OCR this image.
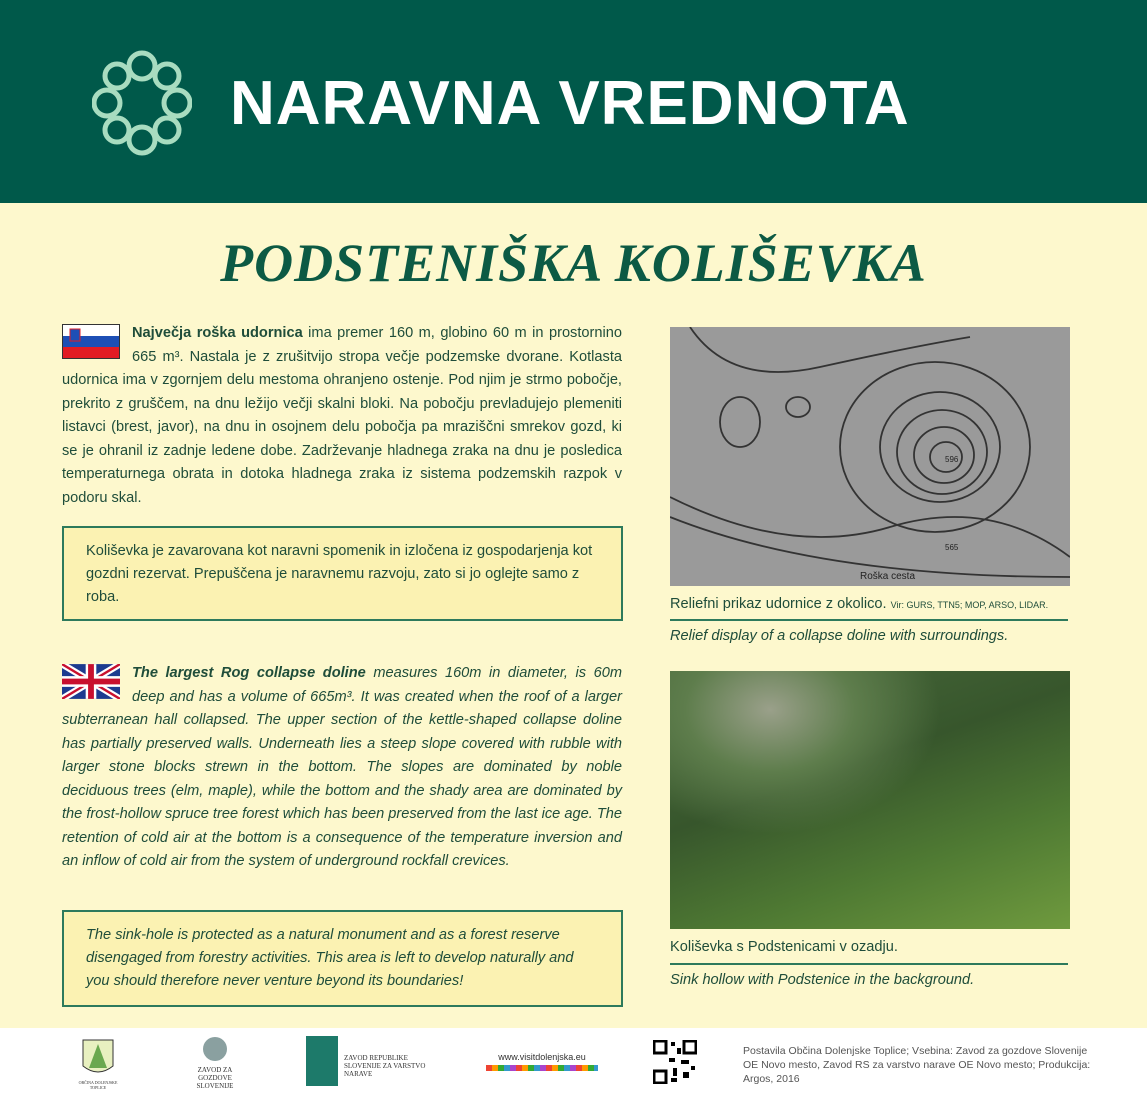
NARAVNA VREDNOTA
PODSTENIŠKA KOLIŠEVKA
Največja roška udornica ima premer 160 m, globino 60 m in prostornino 665 m³. Nastala je z zrušitvijo stropa večje podzemske dvorane. Kotlasta udornica ima v zgornjem delu mestoma ohranjeno ostenje. Pod njim je strmo pobočje, prekrito z gruščem, na dnu ležijo večji skalni bloki. Na pobočju prevladujejo plemeniti listavci (brest, javor), na dnu in osojnem delu pobočja pa mraziščni smrekov gozd, ki se je ohranil iz zadnje ledene dobe. Zadrževanje hladnega zraka na dnu je posledica temperaturnega obrata in dotoka hladnega zraka iz sistema podzemskih razpok v podoru skal.
Koliševka je zavarovana kot naravni spomenik in izločena iz gospodarjenja kot gozdni rezervat. Prepuščena je naravnemu razvoju, zato si jo oglejte samo z roba.
The largest Rog collapse doline measures 160m in diameter, is 60m deep and has a volume of 665m³. It was created when the roof of a larger subterranean hall collapsed. The upper section of the kettle-shaped collapse doline has partially preserved walls. Underneath lies a steep slope covered with rubble with larger stone blocks strewn in the bottom. The slopes are dominated by noble deciduous trees (elm, maple), while the bottom and the shady area are dominated by the frost-hollow spruce tree forest which has been preserved from the last ice age. The retention of cold air at the bottom is a consequence of the temperature inversion and an inflow of cold air from the system of underground rockfall crevices.
The sink-hole is protected as a natural monument and as a forest reserve disengaged from forestry activities. This area is left to develop naturally and you should therefore never venture beyond its boundaries!
596
565
Roška cesta
Reliefni prikaz udornice z okolico. Vir: GURS, TTN5; MOP, ARSO, LIDAR.
Relief display of a collapse doline with surroundings.
Koliševka s Podstenicami v ozadju.
Sink hollow with Podstenice in the background.
OBČINA DOLENJSKE TOPLICE
ZAVOD ZA GOZDOVE SLOVENIJE
ZAVOD REPUBLIKE SLOVENIJE ZA VARSTVO NARAVE
www.visitdolenjska.eu	Postavila Občina Dolenjske Toplice; Vsebina: Zavod za gozdove Slovenije OE Novo mesto, Zavod RS za varstvo narave OE Novo mesto; Produkcija: Argos, 2016
